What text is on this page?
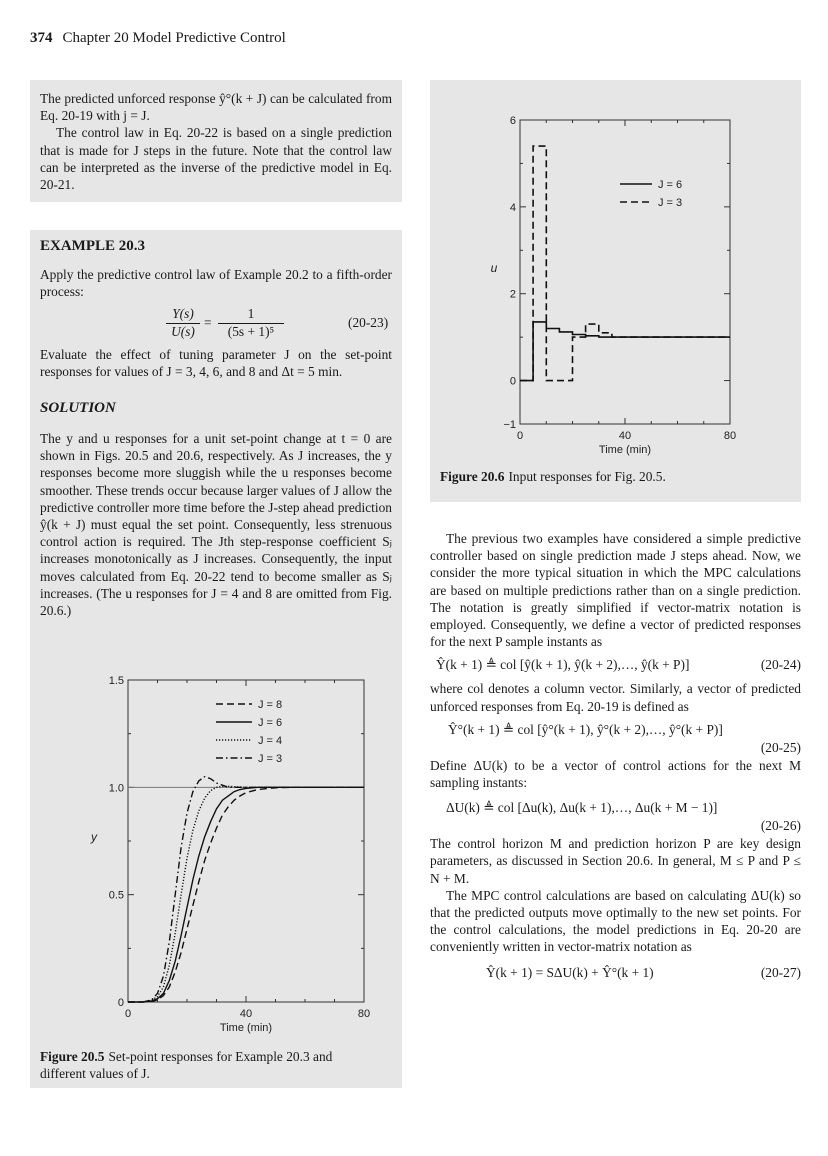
374 Chapter 20 Model Predictive Control

The predicted unforced response ŷ°(k + J) can be calculated from Eq. 20-19 with j = J.

The control law in Eq. 20-22 is based on a single prediction that is made for J steps in the future. Note that the control law can be interpreted as the inverse of the predictive model in Eq. 20-21.

EXAMPLE 20.3
Apply the predictive control law of Example 20.2 to a fifth-order process:
Y(s)
U(s)
=
1
(5s + 1)⁵
(20-23)
Evaluate the effect of tuning parameter J on the set-point responses for values of J = 3, 4, 6, and 8 and Δt = 5 min.
SOLUTION
The y and u responses for a unit set-point change at t = 0 are shown in Figs. 20.5 and 20.6, respectively. As J increases, the y responses become more sluggish while the u responses become smoother. These trends occur because larger values of J allow the predictive controller more time before the J-step ahead prediction ŷ(k + J) must equal the set point. Consequently, less strenuous control action is required. The Jth step-response coefficient Sⱼ increases monotonically as J increases. Consequently, the input moves calculated from Eq. 20-22 tend to become smaller as Sⱼ increases. (The u responses for J = 4 and 8 are omitted from Fig. 20.6.)
0	40	80
0
0.5
1.0
1.5
Time (min)
y
J = 8
J = 6
J = 4
J = 3
Figure 20.5 Set-point responses for Example 20.3 and different values of J.
0	40	80
−1
0
2
4
6
Time (min)
u
J = 6
J = 3
Figure 20.6 Input responses for Fig. 20.5.

The previous two examples have considered a simple predictive controller based on single prediction made J steps ahead. Now, we consider the more typical situation in which the MPC calculations are based on multiple predictions rather than on a single prediction. The notation is greatly simplified if vector-matrix notation is employed. Consequently, we define a vector of predicted responses for the next P sample instants as

Ŷ(k + 1) ≜ col [ŷ(k + 1), ŷ(k + 2),…, ŷ(k + P)]	(20-24)

where col denotes a column vector. Similarly, a vector of predicted unforced responses from Eq. 20-19 is defined as

Ŷ°(k + 1) ≜ col [ŷ°(k + 1), ŷ°(k + 2),…, ŷ°(k + P)]
(20-25)

Define ΔU(k) to be a vector of control actions for the next M sampling instants:

ΔU(k) ≜ col [Δu(k), Δu(k + 1),…, Δu(k + M − 1)]
(20-26)

The control horizon M and prediction horizon P are key design parameters, as discussed in Section 20.6. In general, M ≤ P and P ≤ N + M.

The MPC control calculations are based on calculating ΔU(k) so that the predicted outputs move optimally to the new set points. For the control calculations, the model predictions in Eq. 20-20 are conveniently written in vector-matrix notation as

Ŷ(k + 1) = SΔU(k) + Ŷ°(k + 1)	(20-27)
